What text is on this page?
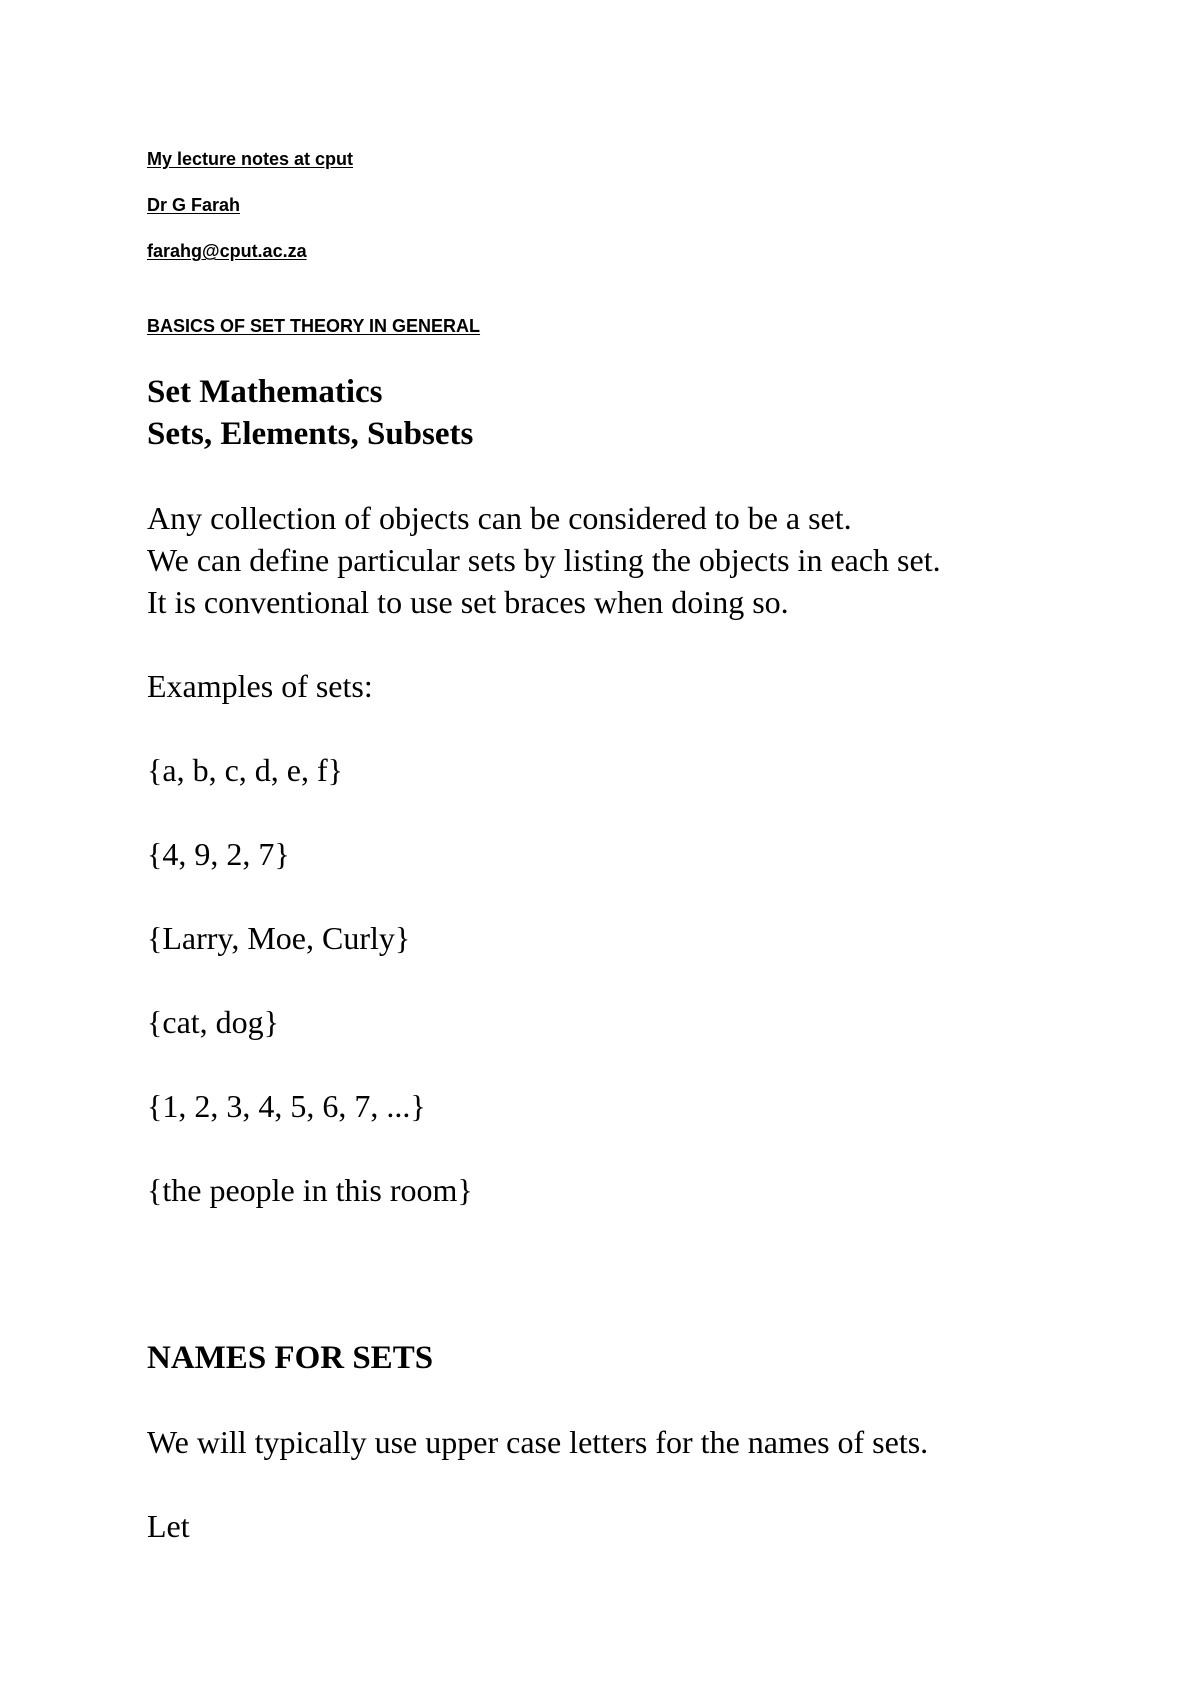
My lecture notes at cput
Dr G Farah
farahg@cput.ac.za
BASICS OF SET THEORY IN GENERAL
Set Mathematics
Sets, Elements, Subsets
Any collection of objects can be considered to be a set.
We can define particular sets by listing the objects in each set.
It is conventional to use set braces when doing so.
Examples of sets:
{a, b, c, d, e, f}
{4, 9, 2, 7}
{Larry, Moe, Curly}
{cat, dog}
{1, 2, 3, 4, 5, 6, 7, ...}
{the people in this room}
NAMES FOR SETS
We will typically use upper case letters for the names of sets.
Let
